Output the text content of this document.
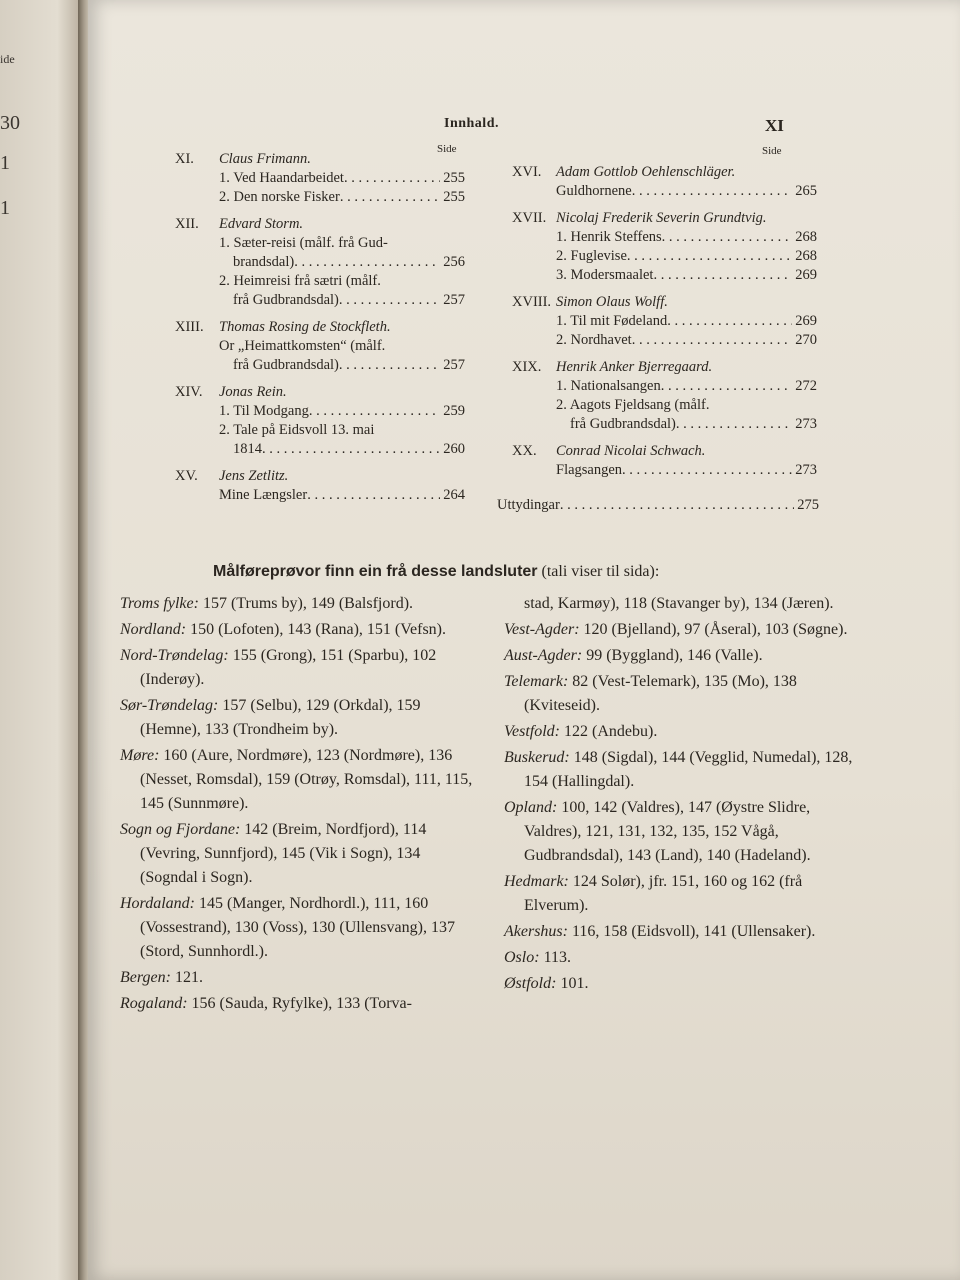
ide
30
1
1
Innhald.	XI
Side	Side
XI. Claus Frimann.
1. Ved Haandarbeidet . . .	255
2. Den norske Fisker . . .	255
XII. Edvard Storm.
1. Sæter-reisi (målf. frå Gud-
brandsdal) . . .	256
2. Heimreisi frå sætri (målf.
frå Gudbrandsdal) . . .	257
XIII. Thomas Rosing de Stockfleth.
Or „Heimattkomsten“ (målf.
frå Gudbrandsdal) . . .	257
XIV. Jonas Rein.
1. Til Modgang . . .	259
2. Tale på Eidsvoll 13. mai
1814 . . .	260
XV. Jens Zetlitz.
Mine Længsler . . .	264
XVI. Adam Gottlob Oehlenschläger.
Guldhornene . . .	265
XVII. Nicolaj Frederik Severin Grundtvig.
1. Henrik Steffens . . .	268
2. Fuglevise . . .	268
3. Modersmaalet . . .	269
XVIII. Simon Olaus Wolff.
1. Til mit Fødeland . . .	269
2. Nordhavet . . .	270
XIX. Henrik Anker Bjerregaard.
1. Nationalsangen . . .	272
2. Aagots Fjeldsang (målf.
frå Gudbrandsdal) . . .	273
XX. Conrad Nicolai Schwach.
Flagsangen . . .	273
Uttydingar . . .	275
Målføreprøvor finn ein frå desse landsluter (tali viser til sida):
Troms fylke: 157 (Trums by), 149 (Balsfjord).
Nordland: 150 (Lofoten), 143 (Rana), 151 (Vefsn).
Nord-Trøndelag: 155 (Grong), 151 (Sparbu), 102 (Inderøy).
Sør-Trøndelag: 157 (Selbu), 129 (Orkdal), 159 (Hemne), 133 (Trondheim by).
Møre: 160 (Aure, Nordmøre), 123 (Nordmøre), 136 (Nesset, Romsdal), 159 (Otrøy, Romsdal), 111, 115, 145 (Sunnmøre).
Sogn og Fjordane: 142 (Breim, Nordfjord), 114 (Vevring, Sunnfjord), 145 (Vik i Sogn), 134 (Sogndal i Sogn).
Hordaland: 145 (Manger, Nordhordl.), 111, 160 (Vossestrand), 130 (Voss), 130 (Ullensvang), 137 (Stord, Sunnhordl.).
Bergen: 121.
Rogaland: 156 (Sauda, Ryfylke), 133 (Torva-
stad, Karmøy), 118 (Stavanger by), 134 (Jæren).
Vest-Agder: 120 (Bjelland), 97 (Åseral), 103 (Søgne).
Aust-Agder: 99 (Byggland), 146 (Valle).
Telemark: 82 (Vest-Telemark), 135 (Mo), 138 (Kviteseid).
Vestfold: 122 (Andebu).
Buskerud: 148 (Sigdal), 144 (Vegglid, Numedal), 128, 154 (Hallingdal).
Opland: 100, 142 (Valdres), 147 (Øystre Slidre, Valdres), 121, 131, 132, 135, 152 Vågå, Gudbrandsdal), 143 (Land), 140 (Hadeland).
Hedmark: 124 Solør), jfr. 151, 160 og 162 (frå Elverum).
Akershus: 116, 158 (Eidsvoll), 141 (Ullensaker).
Oslo: 113.
Østfold: 101.
